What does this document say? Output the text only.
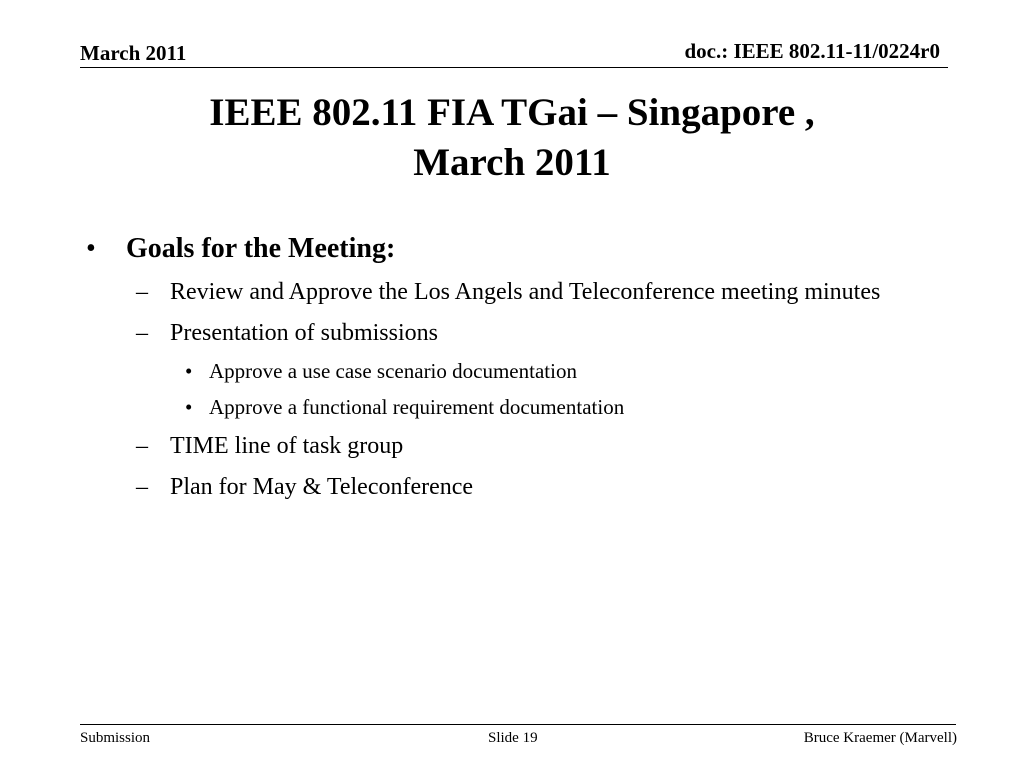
March 2011	doc.: IEEE 802.11-11/0224r0
IEEE 802.11 FIA TGai – Singapore ,
March 2011
• Goals for the Meeting:
– Review and Approve the Los Angels and Teleconference meeting minutes
– Presentation of submissions
• Approve a use case scenario documentation
• Approve a functional requirement documentation
– TIME line of task group
– Plan for May & Teleconference
Submission	Slide 19	Bruce Kraemer (Marvell)
